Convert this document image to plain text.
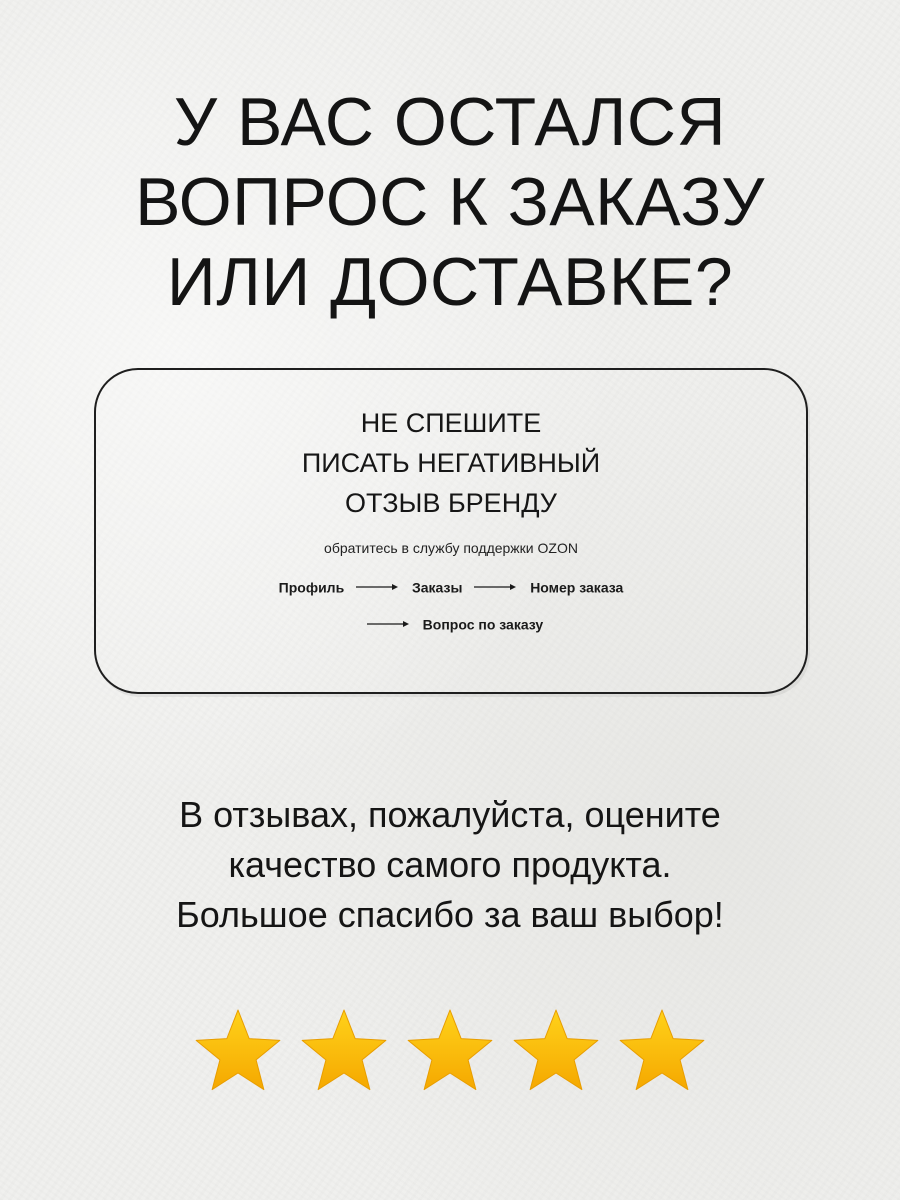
У ВАС ОСТАЛСЯ
ВОПРОС К ЗАКАЗУ
ИЛИ ДОСТАВКЕ?
НЕ СПЕШИТЕ
ПИСАТЬ НЕГАТИВНЫЙ
ОТЗЫВ БРЕНДУ
обратитесь в службу поддержки OZON
Профиль	Заказы	Номер заказа
Вопрос по заказу
В отзывах, пожалуйста, оцените
качество самого продукта.
Большое спасибо за ваш выбор!
